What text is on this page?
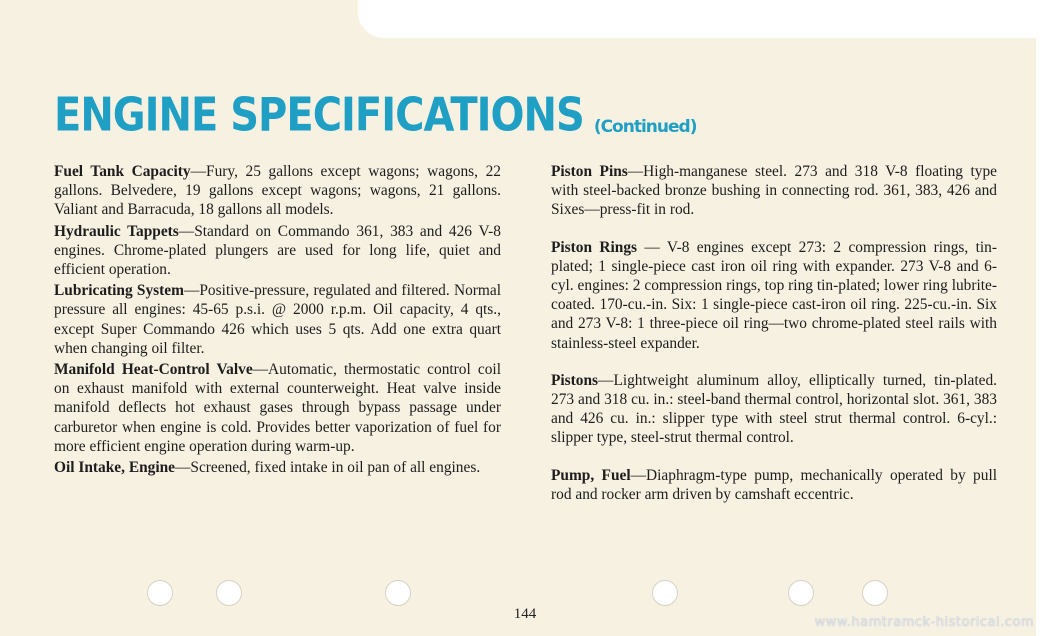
ENGINE SPECIFICATIONS (Continued)

Fuel Tank Capacity—Fury, 25 gallons except wagons; wagons, 22 gallons. Belvedere, 19 gallons except wagons; wagons, 21 gallons. Valiant and Barracuda, 18 gallons all models.

Hydraulic Tappets—Standard on Commando 361, 383 and 426 V-8 engines. Chrome-plated plungers are used for long life, quiet and efficient operation.

Lubricating System—Positive-pressure, regulated and filtered. Normal pressure all engines: 45-65 p.s.i. @ 2000 r.p.m. Oil capacity, 4 qts., except Super Commando 426 which uses 5 qts. Add one extra quart when changing oil filter.

Manifold Heat-Control Valve—Automatic, thermostatic control coil on exhaust manifold with external counterweight. Heat valve inside manifold deflects hot exhaust gases through bypass passage under carburetor when engine is cold. Provides better vaporization of fuel for more efficient engine operation during warm-up.

Oil Intake, Engine—Screened, fixed intake in oil pan of all engines.

Piston Pins—High-manganese steel. 273 and 318 V-8 floating type with steel-backed bronze bushing in connecting rod. 361, 383, 426 and Sixes—press-fit in rod.

Piston Rings — V-8 engines except 273: 2 compression rings, tin-plated; 1 single-piece cast iron oil ring with expander. 273 V-8 and 6-cyl. engines: 2 compression rings, top ring tin-plated; lower ring lubrite-coated. 170-cu.-in. Six: 1 single-piece cast-iron oil ring. 225-cu.-in. Six and 273 V-8: 1 three-piece oil ring—two chrome-plated steel rails with stainless-steel expander.

Pistons—Lightweight aluminum alloy, elliptically turned, tin-plated. 273 and 318 cu. in.: steel-band thermal control, horizontal slot. 361, 383 and 426 cu. in.: slipper type with steel strut thermal control. 6-cyl.: slipper type, steel-strut thermal control.

Pump, Fuel—Diaphragm-type pump, mechanically operated by pull rod and rocker arm driven by camshaft eccentric.

144
www.hamtramck-historical.com
